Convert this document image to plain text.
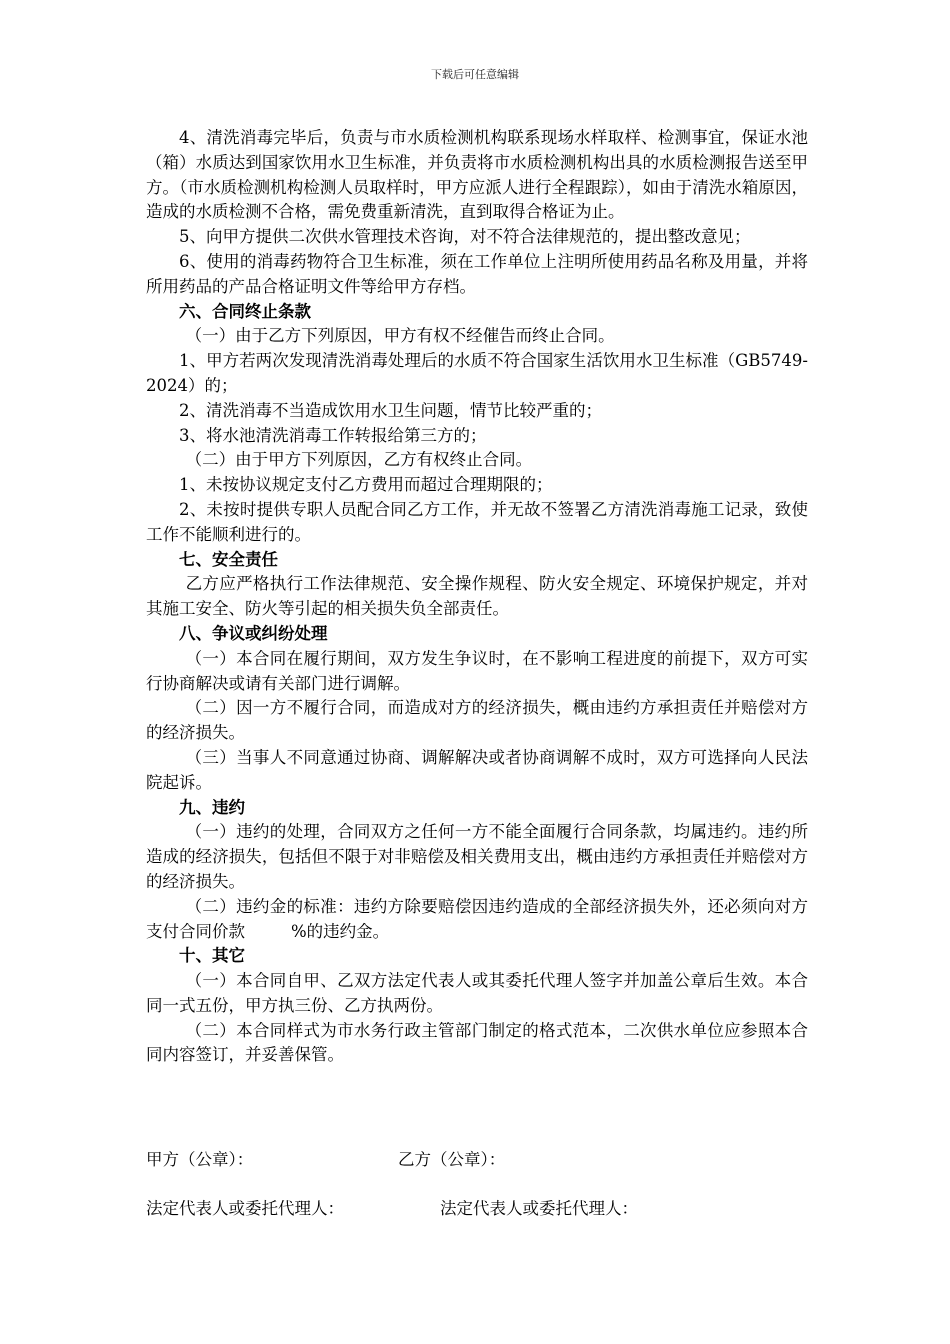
下载后可任意编辑

4、清洗消毒完毕后，负责与市水质检测机构联系现场水样取样、检测事宜，保证水池（箱）水质达到国家饮用水卫生标准，并负责将市水质检测机构出具的水质检测报告送至甲方。（市水质检测机构检测人员取样时，甲方应派人进行全程跟踪），如由于清洗水箱原因，造成的水质检测不合格，需免费重新清洗，直到取得合格证为止。

5、向甲方提供二次供水管理技术咨询，对不符合法律规范的，提出整改意见；

6、使用的消毒药物符合卫生标准，须在工作单位上注明所使用药品名称及用量，并将所用药品的产品合格证明文件等给甲方存档。

六、合同终止条款

（一）由于乙方下列原因，甲方有权不经催告而终止合同。

1、甲方若两次发现清洗消毒处理后的水质不符合国家生活饮用水卫生标准（GB5749-2024）的；

2、清洗消毒不当造成饮用水卫生问题，情节比较严重的；

3、将水池清洗消毒工作转报给第三方的；

（二）由于甲方下列原因，乙方有权终止合同。

1、未按协议规定支付乙方费用而超过合理期限的；

2、未按时提供专职人员配合同乙方工作，并无故不签署乙方清洗消毒施工记录，致使工作不能顺利进行的。

七、安全责任

乙方应严格执行工作法律规范、安全操作规程、防火安全规定、环境保护规定，并对其施工安全、防火等引起的相关损失负全部责任。

八、争议或纠纷处理

（一）本合同在履行期间，双方发生争议时，在不影响工程进度的前提下，双方可实行协商解决或请有关部门进行调解。

（二）因一方不履行合同，而造成对方的经济损失，概由违约方承担责任并赔偿对方的经济损失。

（三）当事人不同意通过协商、调解解决或者协商调解不成时，双方可选择向人民法院起诉。

九、违约

（一）违约的处理，合同双方之任何一方不能全面履行合同条款，均属违约。违约所造成的经济损失，包括但不限于对非赔偿及相关费用支出，概由违约方承担责任并赔偿对方的经济损失。

（二）违约金的标准：违约方除要赔偿因违约造成的全部经济损失外，还必须向对方支付合同价款	%的违约金。

十、其它

（一）本合同自甲、乙双方法定代表人或其委托代理人签字并加盖公章后生效。本合同一式五份，甲方执三份、乙方执两份。

（二）本合同样式为市水务行政主管部门制定的格式范本，二次供水单位应参照本合同内容签订，并妥善保管。

甲方（公章）：	乙方（公章）：
法定代表人或委托代理人：	法定代表人或委托代理人：
